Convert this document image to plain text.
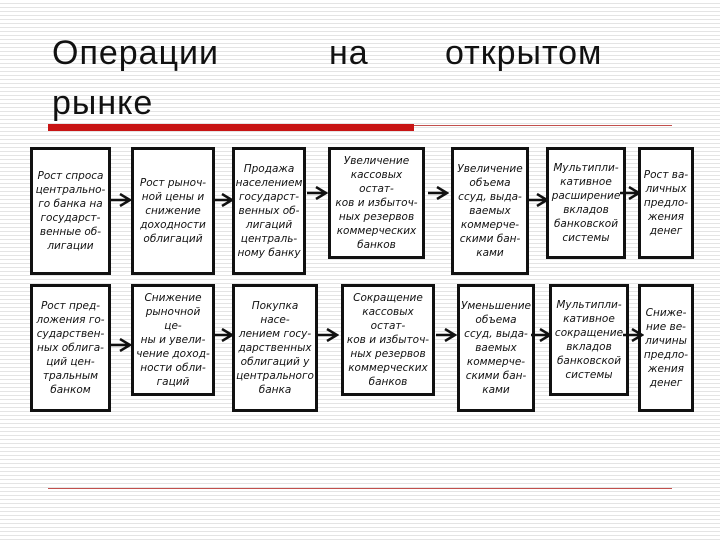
Операции	на открытом
рынке
Рост спроса
центрально-
го банка на
государст-
венные об-
лигации
Рост рыноч-
ной цены и
снижение
доходности
облигаций
Продажа
населением
государст-
венных об-
лигаций
централь-
ному банку
Увеличение
кассовых остат-
ков и избыточ-
ных резервов
коммерческих
банков
Увеличение
объема
ссуд, выда-
ваемых
коммерче-
скими бан-
ками
Мультипли-
кативное
расширение
вкладов
банковской
системы
Рост ва-
личных
предло-
жения
денег
Рост пред-
ложения го-
сударствен-
ных облига-
ций цен-
тральным
банком
Снижение
рыночной це-
ны и увели-
чение доход-
ности обли-
гаций
Покупка насе-
лением госу-
дарственных
облигаций у
центрального
банка
Сокращение
кассовых остат-
ков и избыточ-
ных резервов
коммерческих
банков
Уменьшение
объема
ссуд, выда-
ваемых
коммерче-
скими бан-
ками
Мультипли-
кативное
сокращение
вкладов
банковской
системы
Сниже-
ние ве-
личины
предло-
жения
денег
